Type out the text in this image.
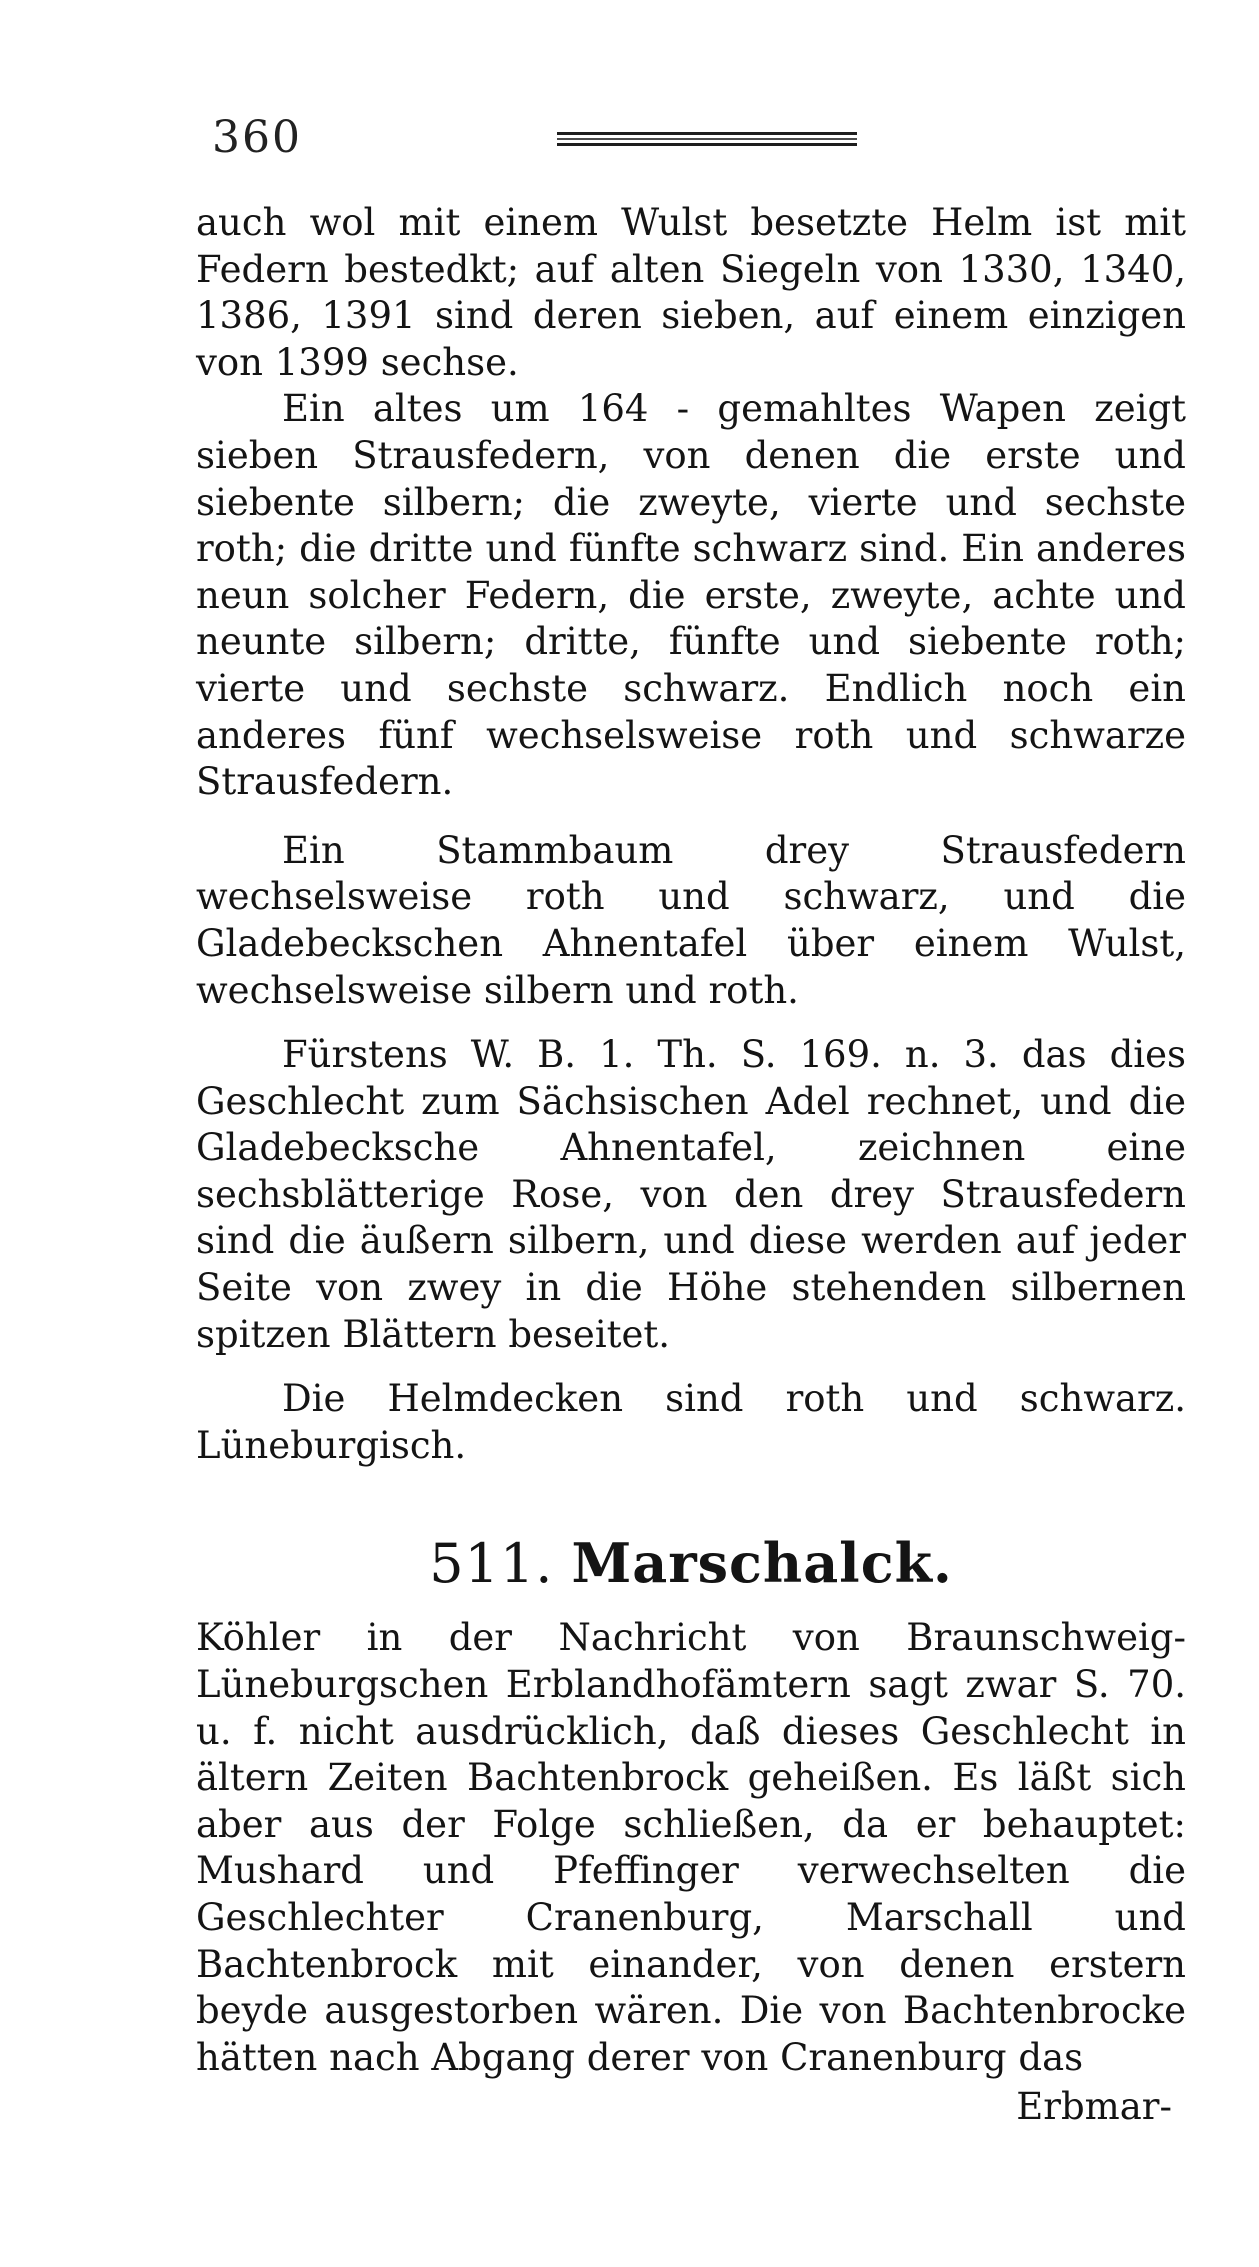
360

auch wol mit einem Wulst besetzte Helm ist mit Federn bestedkt; auf alten Siegeln von 1330, 1340, 1386, 1391 sind deren sieben, auf einem einzigen von 1399 sechse.

Ein altes um 164 - gemahltes Wapen zeigt sieben Strausfedern, von denen die erste und siebente silbern; die zweyte, vierte und sechste roth; die dritte und fünfte schwarz sind. Ein anderes neun solcher Federn, die erste, zweyte, achte und neunte silbern; dritte, fünfte und siebente roth; vierte und sechste schwarz. Endlich noch ein anderes fünf wechselsweise roth und schwarze Strausfedern.

Ein Stammbaum drey Strausfedern wechselsweise roth und schwarz, und die Gladebeckschen Ahnentafel über einem Wulst, wechselsweise silbern und roth.

Fürstens W. B. 1. Th. S. 169. n. 3. das dies Geschlecht zum Sächsischen Adel rechnet, und die Gladebecksche Ahnentafel, zeichnen eine sechsblätterige Rose, von den drey Strausfedern sind die äußern silbern, und diese werden auf jeder Seite von zwey in die Höhe stehenden silbernen spitzen Blättern beseitet.

Die Helmdecken sind roth und schwarz. Lüneburgisch.

511. Marschalck.

Köhler in der Nachricht von Braunschweig-Lüneburgschen Erblandhofämtern sagt zwar S. 70. u. f. nicht ausdrücklich, daß dieses Geschlecht in ältern Zeiten Bachtenbrock geheißen. Es läßt sich aber aus der Folge schließen, da er behauptet: Mushard und Pfeffinger verwechselten die Geschlechter Cranenburg, Marschall und Bachtenbrock mit einander, von denen erstern beyde ausgestorben wären. Die von Bachtenbrocke hätten nach Abgang derer von Cranenburg das

Erbmar-
